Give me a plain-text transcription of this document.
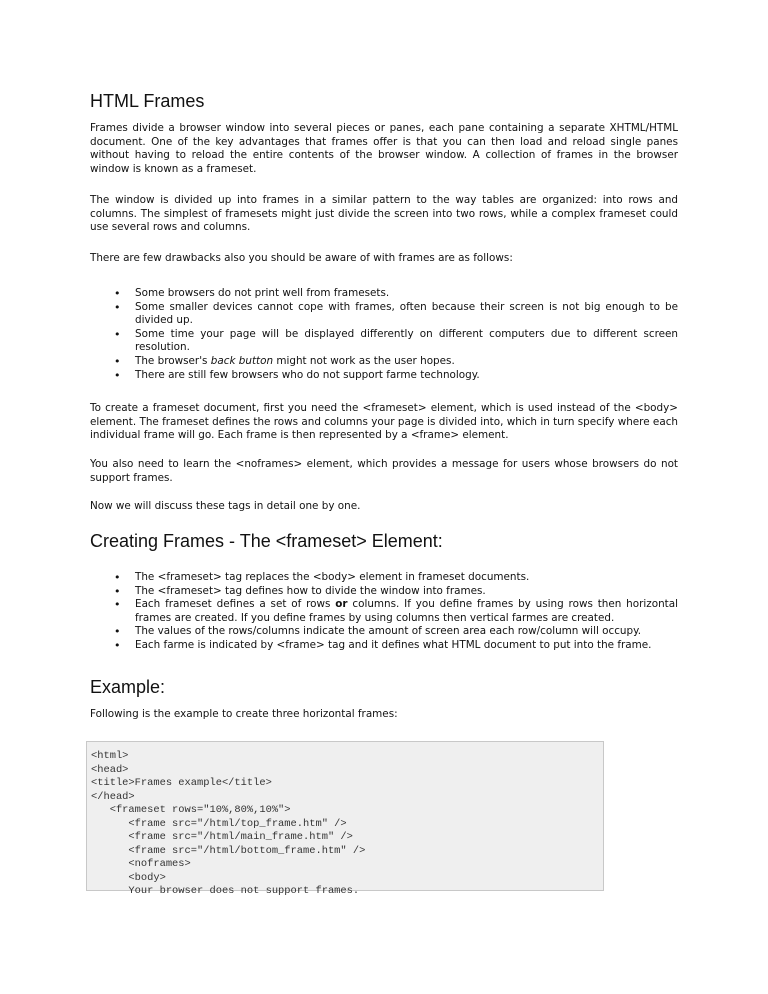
HTML Frames

Frames divide a browser window into several pieces or panes, each pane containing a separate XHTML/HTML document. One of the key advantages that frames offer is that you can then load and reload single panes without having to reload the entire contents of the browser window. A collection of frames in the browser window is known as a frameset.

The window is divided up into frames in a similar pattern to the way tables are organized: into rows and columns. The simplest of framesets might just divide the screen into two rows, while a complex frameset could use several rows and columns.

There are few drawbacks also you should be aware of with frames are as follows:

• Some browsers do not print well from framesets.
• Some smaller devices cannot cope with frames, often because their screen is not big enough to be divided up.
• Some time your page will be displayed differently on different computers due to different screen resolution.
• The browser's back button might not work as the user hopes.
• There are still few browsers who do not support farme technology.

To create a frameset document, first you need the <frameset> element, which is used instead of the <body> element. The frameset defines the rows and columns your page is divided into, which in turn specify where each individual frame will go. Each frame is then represented by a <frame> element.

You also need to learn the <noframes> element, which provides a message for users whose browsers do not support frames.

Now we will discuss these tags in detail one by one.

Creating Frames - The <frameset> Element:
• The <frameset> tag replaces the <body> element in frameset documents.
• The <frameset> tag defines how to divide the window into frames.
• Each frameset defines a set of rows or columns. If you define frames by using rows then horizontal frames are created. If you define frames by using columns then vertical farmes are created.
• The values of the rows/columns indicate the amount of screen area each row/column will occupy.
• Each farme is indicated by <frame> tag and it defines what HTML document to put into the frame.
Example:

Following is the example to create three horizontal frames:

<html>
<head>
<title>Frames example</title>
</head>
<frameset rows="10%,80%,10%">
<frame src="/html/top_frame.htm" />
<frame src="/html/main_frame.htm" />
<frame src="/html/bottom_frame.htm" />
<noframes>
<body>
Your browser does not support frames.
